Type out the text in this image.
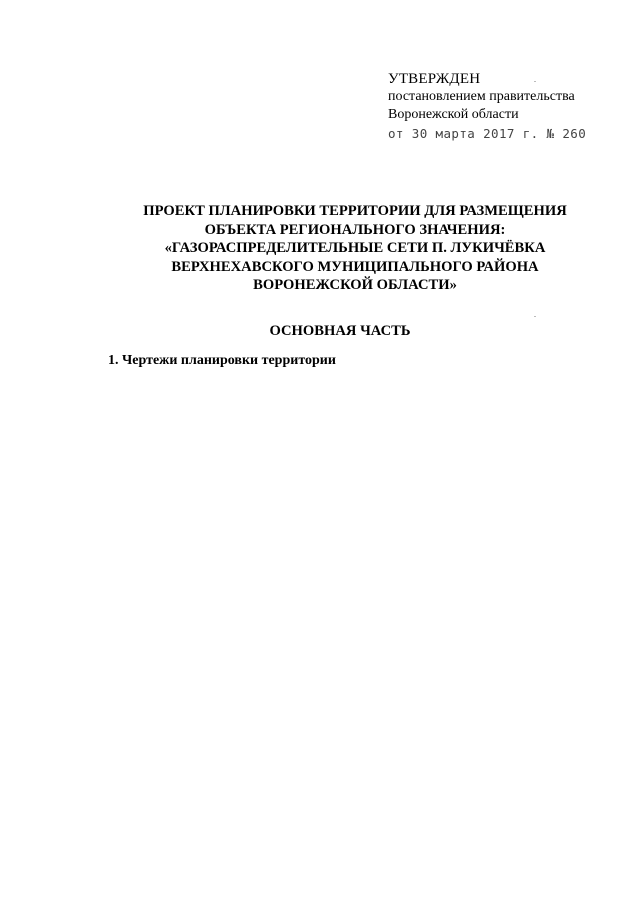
УТВЕРЖДЕН
постановлением правительства
Воронежской области
от 30 марта 2017 г. № 260
ПРОЕКТ ПЛАНИРОВКИ ТЕРРИТОРИИ ДЛЯ РАЗМЕЩЕНИЯ
ОБЪЕКТА РЕГИОНАЛЬНОГО ЗНАЧЕНИЯ:
«ГАЗОРАСПРЕДЕЛИТЕЛЬНЫЕ СЕТИ П. ЛУКИЧЁВКА
ВЕРХНЕХАВСКОГО МУНИЦИПАЛЬНОГО РАЙОНА
ВОРОНЕЖСКОЙ ОБЛАСТИ»
ОСНОВНАЯ ЧАСТЬ
1. Чертежи планировки территории
